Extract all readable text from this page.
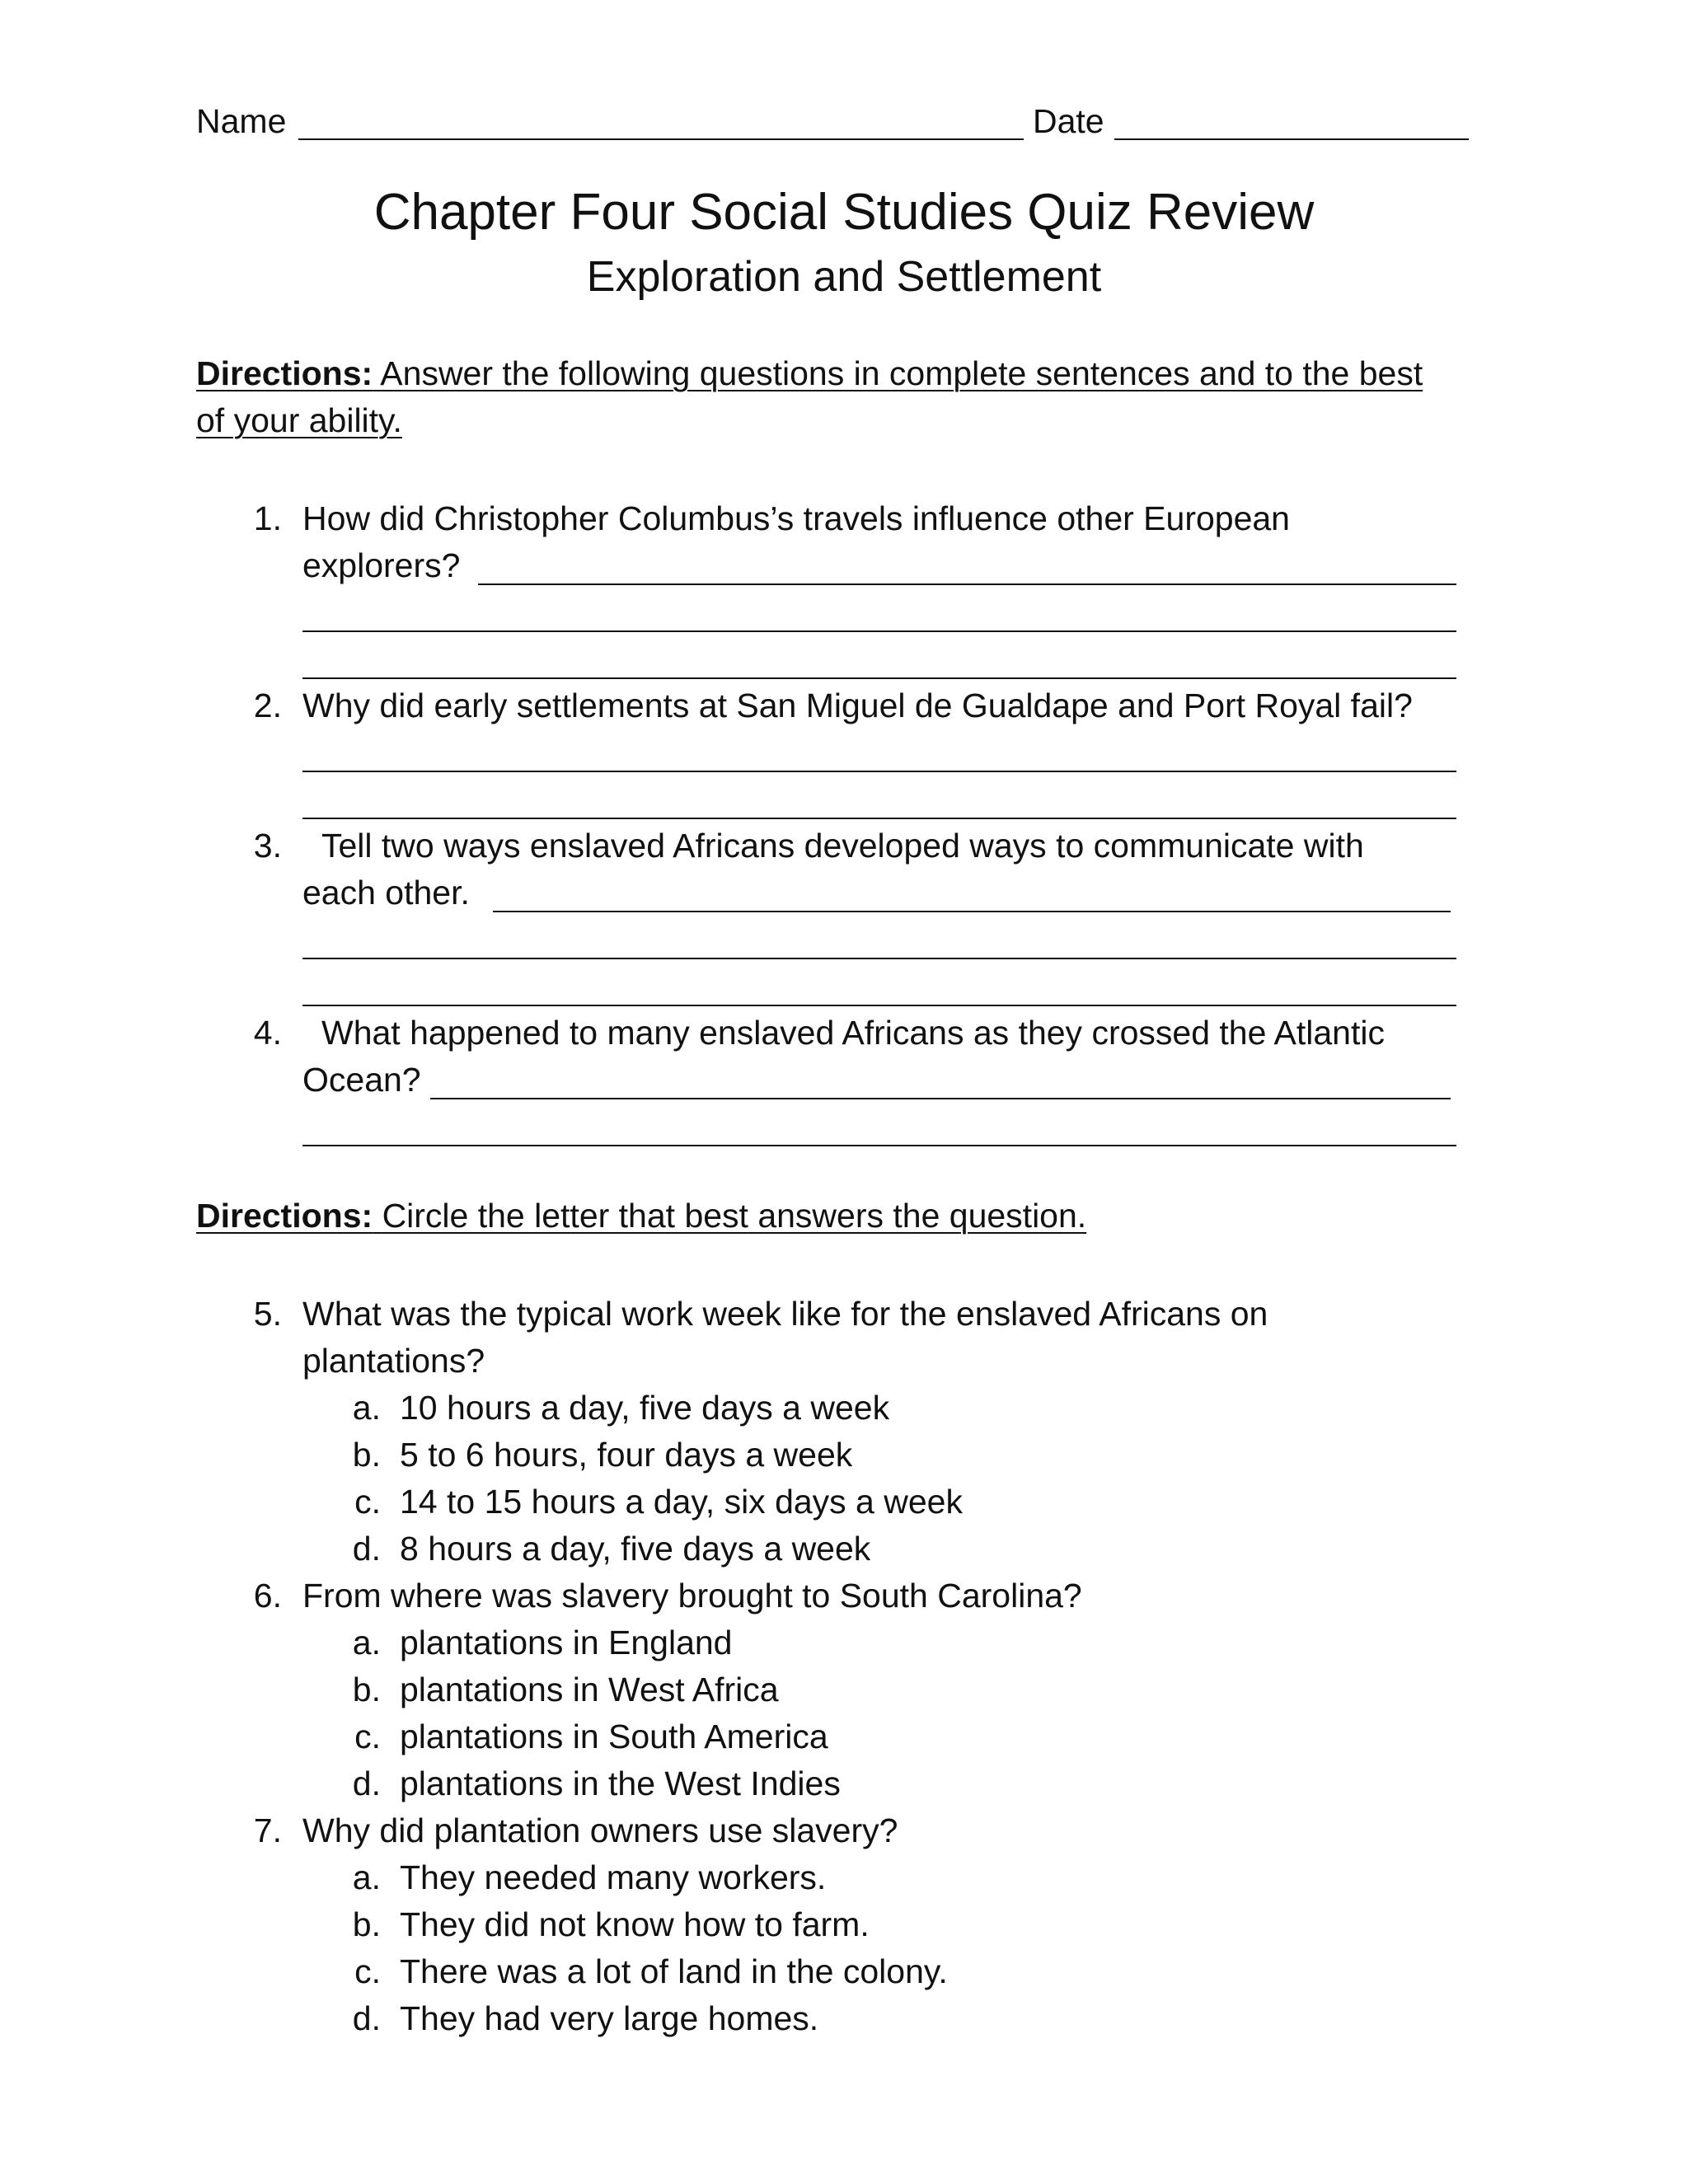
Name	Date
Chapter Four Social Studies Quiz Review
Exploration and Settlement
Directions: Answer the following questions in complete sentences and to the best
of your ability.
1. How did Christopher Columbus’s travels influence other European
explorers?
2. Why did early settlements at San Miguel de Gualdape and Port Royal fail?
3. Tell two ways enslaved Africans developed ways to communicate with
each other.
4. What happened to many enslaved Africans as they crossed the Atlantic
Ocean?
Directions: Circle the letter that best answers the question.
5. What was the typical work week like for the enslaved Africans on
plantations?
a. 10 hours a day, five days a week
b. 5 to 6 hours, four days a week
c. 14 to 15 hours a day, six days a week
d. 8 hours a day, five days a week
6. From where was slavery brought to South Carolina?
a. plantations in England
b. plantations in West Africa
c. plantations in South America
d. plantations in the West Indies
7. Why did plantation owners use slavery?
a. They needed many workers.
b. They did not know how to farm.
c. There was a lot of land in the colony.
d. They had very large homes.
